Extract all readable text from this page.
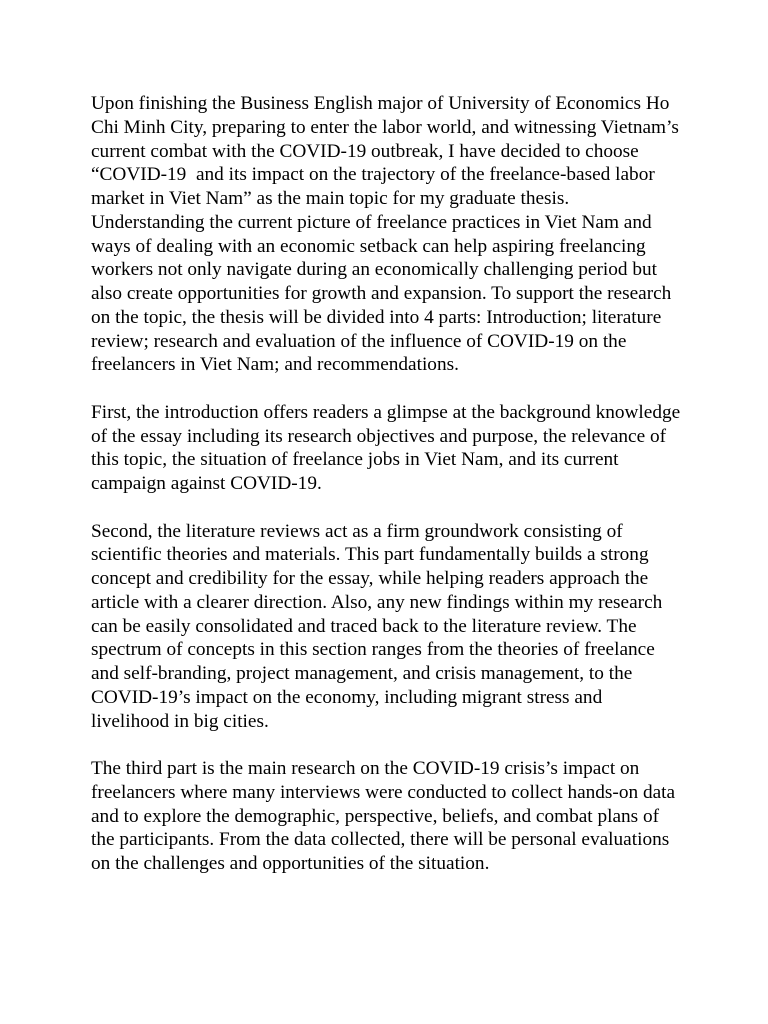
Upon finishing the Business English major of University of Economics Ho Chi Minh City, preparing to enter the labor world, and witnessing Vietnam’s current combat with the COVID-19 outbreak, I have decided to choose “COVID-19  and its impact on the trajectory of the freelance-based labor market in Viet Nam” as the main topic for my graduate thesis. Understanding the current picture of freelance practices in Viet Nam and ways of dealing with an economic setback can help aspiring freelancing workers not only navigate during an economically challenging period but also create opportunities for growth and expansion. To support the research on the topic, the thesis will be divided into 4 parts: Introduction; literature review; research and evaluation of the influence of COVID-19 on the freelancers in Viet Nam; and recommendations.

First, the introduction offers readers a glimpse at the background knowledge of the essay including its research objectives and purpose, the relevance of this topic, the situation of freelance jobs in Viet Nam, and its current campaign against COVID-19.

Second, the literature reviews act as a firm groundwork consisting of scientific theories and materials. This part fundamentally builds a strong concept and credibility for the essay, while helping readers approach the article with a clearer direction. Also, any new findings within my research can be easily consolidated and traced back to the literature review. The spectrum of concepts in this section ranges from the theories of freelance and self-branding, project management, and crisis management, to the COVID-19’s impact on the economy, including migrant stress and livelihood in big cities.

The third part is the main research on the COVID-19 crisis’s impact on freelancers where many interviews were conducted to collect hands-on data and to explore the demographic, perspective, beliefs, and combat plans of the participants. From the data collected, there will be personal evaluations on the challenges and opportunities of the situation.
